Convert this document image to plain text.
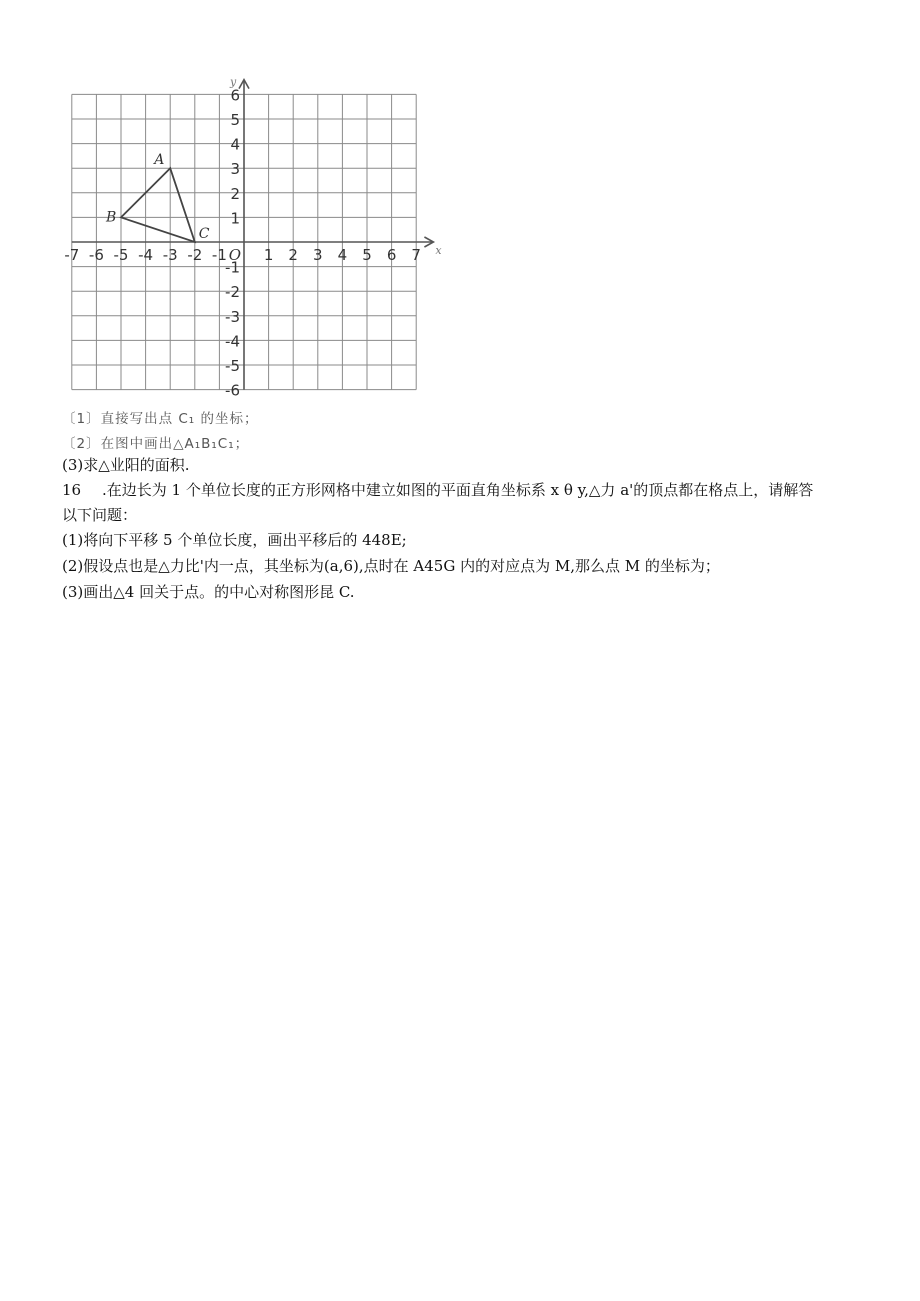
-7 -6 -5 -4 -3 -2 -1 1 2 3 4 5 6 7
6
5
4
3
2
1
-1
-2
-3
-4
-5
-6
O	x
y
A
B
C
〔1〕直接写出点 C₁ 的坐标；
〔2〕在图中画出△A₁B₁C₁；
(3)求△业阳的面积.
16 .在边长为 1 个单位长度的正方形网格中建立如图的平面直角坐标系 x θ y,△力 a'的顶点都在格点上，请解答
以下问题：
(1)将向下平移 5 个单位长度，画出平移后的 448E;
(2)假设点也是△力比'内一点，其坐标为(a,6),点时在 A45G 内的对应点为 M,那么点 M 的坐标为；
(3)画出△4 回关于点。的中心对称图形昆 C.
